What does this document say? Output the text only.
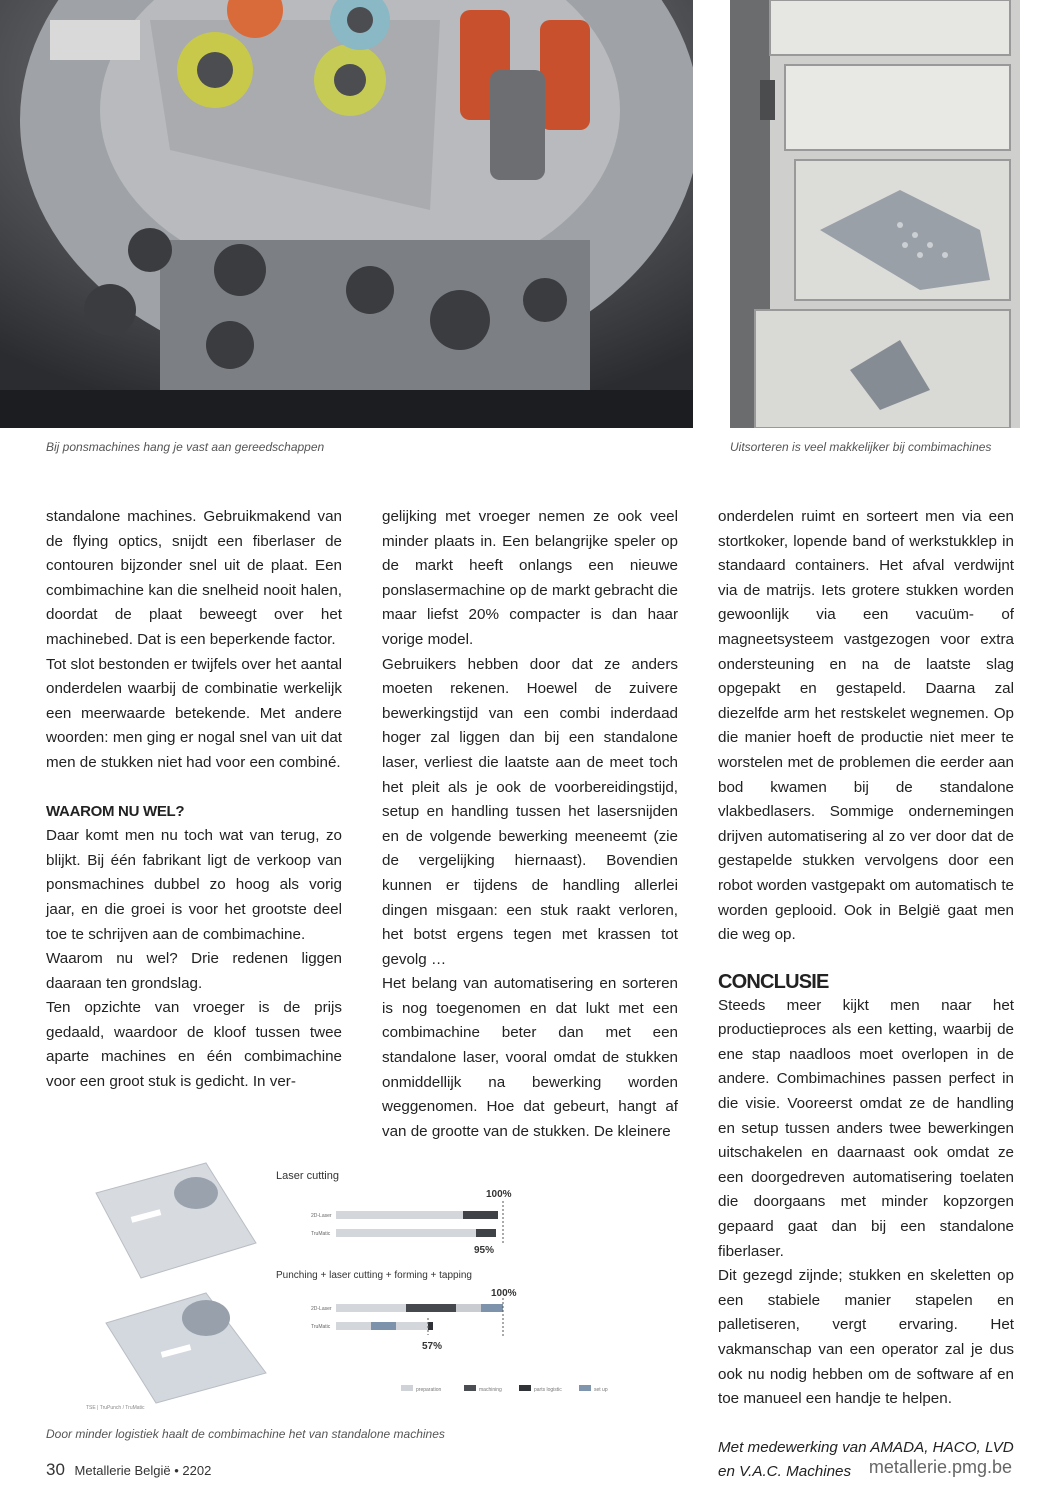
Bij ponsmachines hang je vast aan gereedschappen	Uitsorteren is veel makkelijker bij combimachines

standalone machines. Gebruikmakend van de flying optics, snijdt een fiberlaser de contouren bijzonder snel uit de plaat. Een combimachine kan die snelheid nooit halen, doordat de plaat beweegt over het machinebed. Dat is een beperkende factor.

Tot slot bestonden er twijfels over het aantal onderdelen waarbij de combinatie werkelijk een meerwaarde betekende. Met andere woorden: men ging er nogal snel van uit dat men de stukken niet had voor een combiné.

WAAROM NU WEL?

Daar komt men nu toch wat van terug, zo blijkt. Bij één fabrikant ligt de verkoop van ponsmachines dubbel zo hoog als vorig jaar, en die groei is voor het grootste deel toe te schrijven aan de combimachine.

Waarom nu wel? Drie redenen liggen daaraan ten grondslag.

Ten opzichte van vroeger is de prijs gedaald, waardoor de kloof tussen twee aparte machines en één combimachine voor een groot stuk is gedicht. In ver-

gelijking met vroeger nemen ze ook veel minder plaats in. Een belangrijke speler op de markt heeft onlangs een nieuwe ponslasermachine op de markt gebracht die maar liefst 20% compacter is dan haar vorige model.

Gebruikers hebben door dat ze anders moeten rekenen. Hoewel de zuivere bewerkingstijd van een combi inderdaad hoger zal liggen dan bij een standalone laser, verliest die laatste aan de meet toch het pleit als je ook de voorbereidingstijd, setup en handling tussen het lasersnijden en de volgende bewerking meeneemt (zie de vergelijking hiernaast). Bovendien kunnen er tijdens de handling allerlei dingen misgaan: een stuk raakt verloren, het botst ergens tegen met krassen tot gevolg …

Het belang van automatisering en sorteren is nog toegenomen en dat lukt met een combimachine beter dan met een standalone laser, vooral omdat de stukken onmiddellijk na bewerking worden weggenomen. Hoe dat gebeurt, hangt af van de grootte van de stukken. De kleinere

onderdelen ruimt en sorteert men via een stortkoker, lopende band of werkstukklep in standaard containers. Het afval verdwijnt via de matrijs. Iets grotere stukken worden gewoonlijk via een vacuüm- of magneetsysteem vastgezogen voor extra ondersteuning en na de laatste slag opgepakt en gestapeld. Daarna zal diezelfde arm het restskelet wegnemen. Op die manier hoeft de productie niet meer te worstelen met de problemen die eerder aan bod kwamen bij de standalone vlakbedlasers. Sommige ondernemingen drijven automatisering al zo ver door dat de gestapelde stukken vervolgens door een robot worden vastgepakt om automatisch te worden geplooid. Ook in België gaat men die weg op.

CONCLUSIE

Steeds meer kijkt men naar het productieproces als een ketting, waarbij de ene stap naadloos moet overlopen in de andere. Combimachines passen perfect in die visie. Vooreerst omdat ze de handling en setup tussen anders twee bewerkingen uitschakelen en daarnaast ook omdat ze een doorgedreven automatisering toelaten die doorgaans met minder kopzorgen gepaard gaat dan bij een standalone fiberlaser.

Dit gezegd zijnde; stukken en skeletten op een stabiele manier stapelen en palletiseren, vergt ervaring. Het vakmanschap van een operator zal je dus ook nu nodig hebben om de software af en toe manueel een handje te helpen.

Met medewerking van AMADA, HACO, LVD en V.A.C. Machines

Laser cutting
100%
2D-Laser
TruMatic
95%
Punching + laser cutting + forming + tapping
100%
2D-Laser
TruMatic
57%
preparation	machining	parts logistic	set up
TSE | TruPunch / TruMatic
Door minder logistiek haalt de combimachine het van standalone machines
30 Metallerie België • 2202	metallerie.pmg.be
